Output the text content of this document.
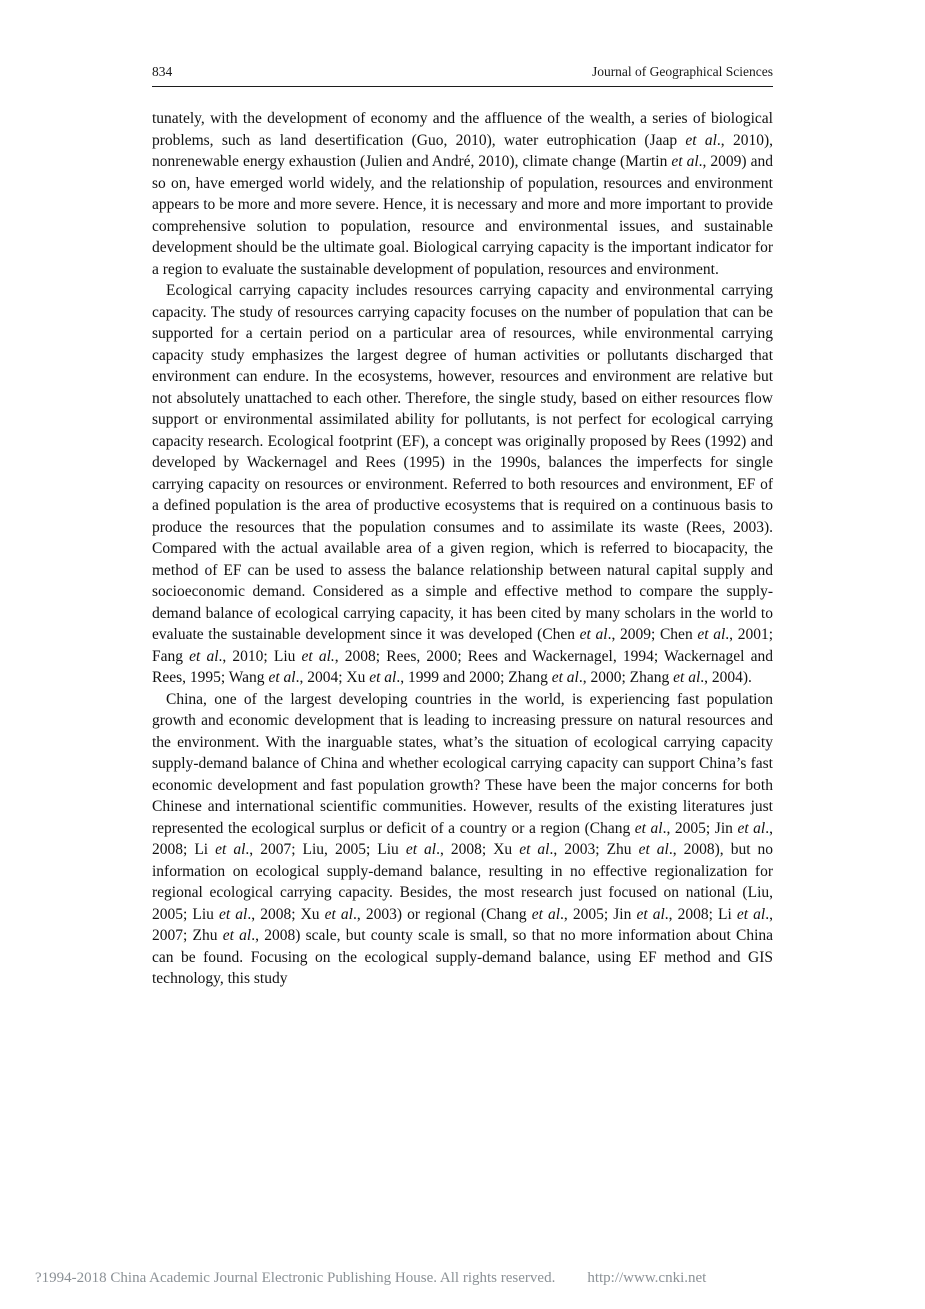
834	Journal of Geographical Sciences

tunately, with the development of economy and the affluence of the wealth, a series of biological problems, such as land desertification (Guo, 2010), water eutrophication (Jaap et al., 2010), nonrenewable energy exhaustion (Julien and André, 2010), climate change (Martin et al., 2009) and so on, have emerged world widely, and the relationship of population, resources and environment appears to be more and more severe. Hence, it is necessary and more and more important to provide comprehensive solution to population, resource and environmental issues, and sustainable development should be the ultimate goal. Biological carrying capacity is the important indicator for a region to evaluate the sustainable development of population, resources and environment.

Ecological carrying capacity includes resources carrying capacity and environmental carrying capacity. The study of resources carrying capacity focuses on the number of population that can be supported for a certain period on a particular area of resources, while environmental carrying capacity study emphasizes the largest degree of human activities or pollutants discharged that environment can endure. In the ecosystems, however, resources and environment are relative but not absolutely unattached to each other. Therefore, the single study, based on either resources flow support or environmental assimilated ability for pollutants, is not perfect for ecological carrying capacity research. Ecological footprint (EF), a concept was originally proposed by Rees (1992) and developed by Wackernagel and Rees (1995) in the 1990s, balances the imperfects for single carrying capacity on resources or environment. Referred to both resources and environment, EF of a defined population is the area of productive ecosystems that is required on a continuous basis to produce the resources that the population consumes and to assimilate its waste (Rees, 2003). Compared with the actual available area of a given region, which is referred to biocapacity, the method of EF can be used to assess the balance relationship between natural capital supply and socioeconomic demand. Considered as a simple and effective method to compare the supply-demand balance of ecological carrying capacity, it has been cited by many scholars in the world to evaluate the sustainable development since it was developed (Chen et al., 2009; Chen et al., 2001; Fang et al., 2010; Liu et al., 2008; Rees, 2000; Rees and Wackernagel, 1994; Wackernagel and Rees, 1995; Wang et al., 2004; Xu et al., 1999 and 2000; Zhang et al., 2000; Zhang et al., 2004).

China, one of the largest developing countries in the world, is experiencing fast population growth and economic development that is leading to increasing pressure on natural resources and the environment. With the inarguable states, what’s the situation of ecological carrying capacity supply-demand balance of China and whether ecological carrying capacity can support China’s fast economic development and fast population growth? These have been the major concerns for both Chinese and international scientific communities. However, results of the existing literatures just represented the ecological surplus or deficit of a country or a region (Chang et al., 2005; Jin et al., 2008; Li et al., 2007; Liu, 2005; Liu et al., 2008; Xu et al., 2003; Zhu et al., 2008), but no information on ecological supply-demand balance, resulting in no effective regionalization for regional ecological carrying capacity. Besides, the most research just focused on national (Liu, 2005; Liu et al., 2008; Xu et al., 2003) or regional (Chang et al., 2005; Jin et al., 2008; Li et al., 2007; Zhu et al., 2008) scale, but county scale is small, so that no more information about China can be found. Focusing on the ecological supply-demand balance, using EF method and GIS technology, this study

?1994-2018 China Academic Journal Electronic Publishing House. All rights reserved. http://www.cnki.net
